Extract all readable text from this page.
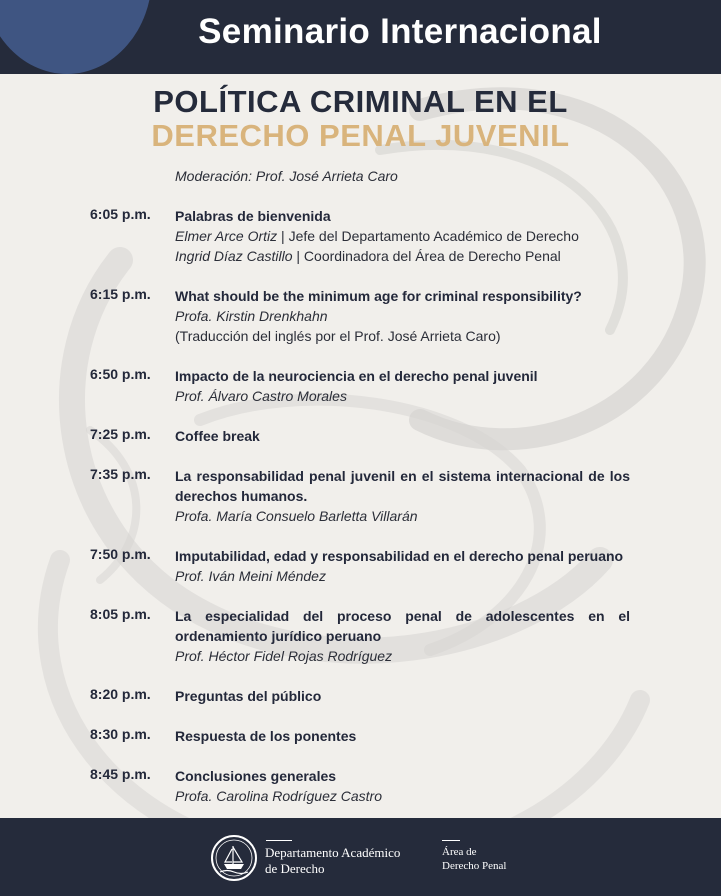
Seminario Internacional
POLÍTICA CRIMINAL EN EL
DERECHO PENAL JUVENIL
Moderación: Prof. José Arrieta Caro
6:05 p.m. Palabras de bienvenida
Elmer Arce Ortiz | Jefe del Departamento Académico de Derecho
Ingrid Díaz Castillo | Coordinadora del Área de Derecho Penal
6:15 p.m. What should be the minimum age for criminal responsibility?
Profa. Kirstin Drenkhahn
(Traducción del inglés por el Prof. José Arrieta Caro)
6:50 p.m. Impacto de la neurociencia en el derecho penal juvenil
Prof. Álvaro Castro Morales
7:25 p.m. Coffee break
7:35 p.m. La responsabilidad penal juvenil en el sistema internacional de los
derechos humanos.
Profa. María Consuelo Barletta Villarán
7:50 p.m. Imputabilidad, edad y responsabilidad en el derecho penal peruano
Prof. Iván Meini Méndez
8:05 p.m. La especialidad del proceso penal de adolescentes en el
ordenamiento jurídico peruano
Prof. Héctor Fidel Rojas Rodríguez
8:20 p.m. Preguntas del público
8:30 p.m. Respuesta de los ponentes
8:45 p.m. Conclusiones generales
Profa. Carolina Rodríguez Castro
Departamento Académico
de Derecho
Área de
Derecho Penal
